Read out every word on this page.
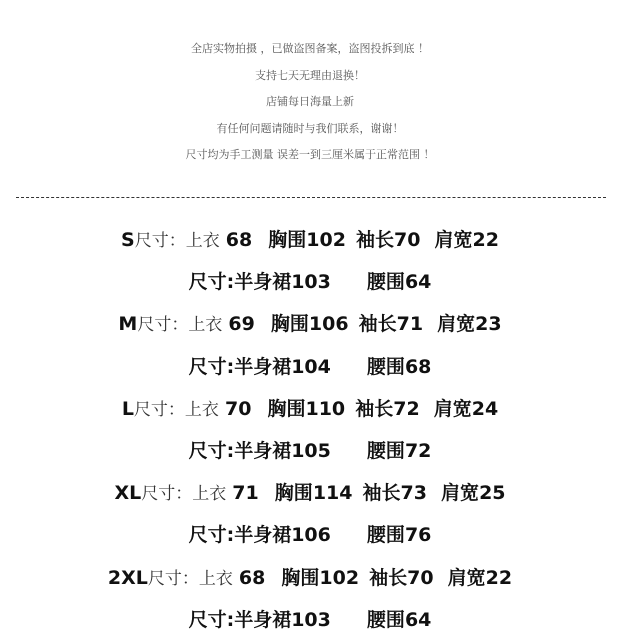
全店实物拍摄 ，已做盗图备案，盗图投拆到底 ！
支持七天无理由退换！
店铺每日海量上新
有任何问题请随时与我们联系，谢谢！
尺寸均为手工测量 误差一到三厘米属于正常范围 ！
S尺寸：上衣 68 胸围102 袖长70 肩宽22
尺寸:半身裙103 腰围64
M尺寸：上衣 69 胸围106 袖长71 肩宽23
尺寸:半身裙104 腰围68
L尺寸：上衣 70 胸围110 袖长72 肩宽24
尺寸:半身裙105 腰围72
XL尺寸：上衣 71 胸围114 袖长73 肩宽25
尺寸:半身裙106 腰围76
2XL尺寸：上衣 68 胸围102 袖长70 肩宽22
尺寸:半身裙103 腰围64
